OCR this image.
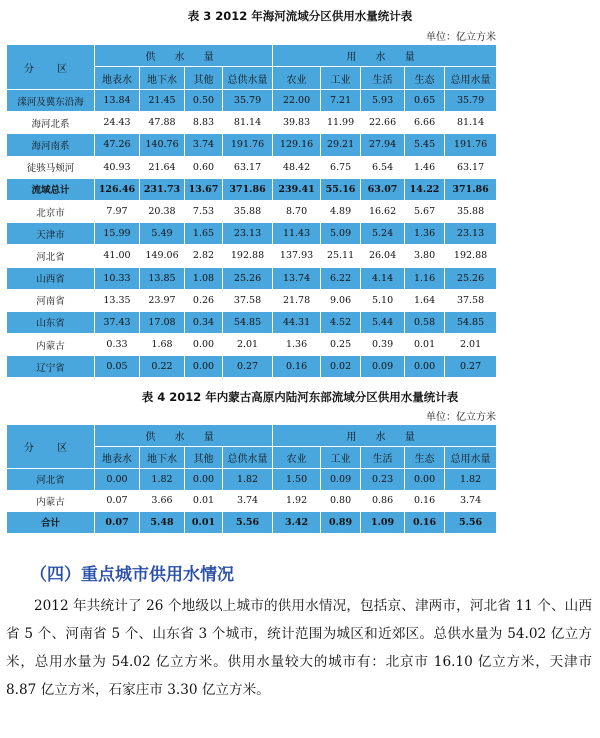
表 3 2012 年海河流域分区供用水量统计表
单位：亿立方米
分 区	供 水 量				用 水 量				
	地表水	地下水	其他	总供水量	农业	工业	生活	生态	总用水量
滦河及冀东沿海	13.84	21.45	0.50	35.79	22.00	7.21	5.93	0.65	35.79
海河北系	24.43	47.88	8.83	81.14	39.83	11.99	22.66	6.66	81.14
海河南系	47.26	140.76	3.74	191.76	129.16	29.21	27.94	5.45	191.76
徒骇马颊河	40.93	21.64	0.60	63.17	48.42	6.75	6.54	1.46	63.17
流域总计	126.46	231.73	13.67	371.86	239.41	55.16	63.07	14.22	371.86
北京市	7.97	20.38	7.53	35.88	8.70	4.89	16.62	5.67	35.88
天津市	15.99	5.49	1.65	23.13	11.43	5.09	5.24	1.36	23.13
河北省	41.00	149.06	2.82	192.88	137.93	25.11	26.04	3.80	192.88
山西省	10.33	13.85	1.08	25.26	13.74	6.22	4.14	1.16	25.26
河南省	13.35	23.97	0.26	37.58	21.78	9.06	5.10	1.64	37.58
山东省	37.43	17.08	0.34	54.85	44.31	4.52	5.44	0.58	54.85
内蒙古	0.33	1.68	0.00	2.01	1.36	0.25	0.39	0.01	2.01
辽宁省	0.05	0.22	0.00	0.27	0.16	0.02	0.09	0.00	0.27
表 4 2012 年内蒙古高原内陆河东部流域分区供用水量统计表
单位：亿立方米
分 区	供 水 量				用 水 量				
	地表水	地下水	其他	总供水量	农业	工业	生活	生态	总用水量
河北省	0.00	1.82	0.00	1.82	1.50	0.09	0.23	0.00	1.82
内蒙古	0.07	3.66	0.01	3.74	1.92	0.80	0.86	0.16	3.74
合计	0.07	5.48	0.01	5.56	3.42	0.89	1.09	0.16	5.56
（四）重点城市供用水情况
2012 年共统计了 26 个地级以上城市的供用水情况，包括京、津两市，河北省 11 个、山西省 5 个、河南省 5 个、山东省 3 个城市，统计范围为城区和近郊区。总供水量为 54.02 亿立方米，总用水量为 54.02 亿立方米。供用水量较大的城市有：北京市 16.10 亿立方米，天津市 8.87 亿立方米，石家庄市 3.30 亿立方米。
